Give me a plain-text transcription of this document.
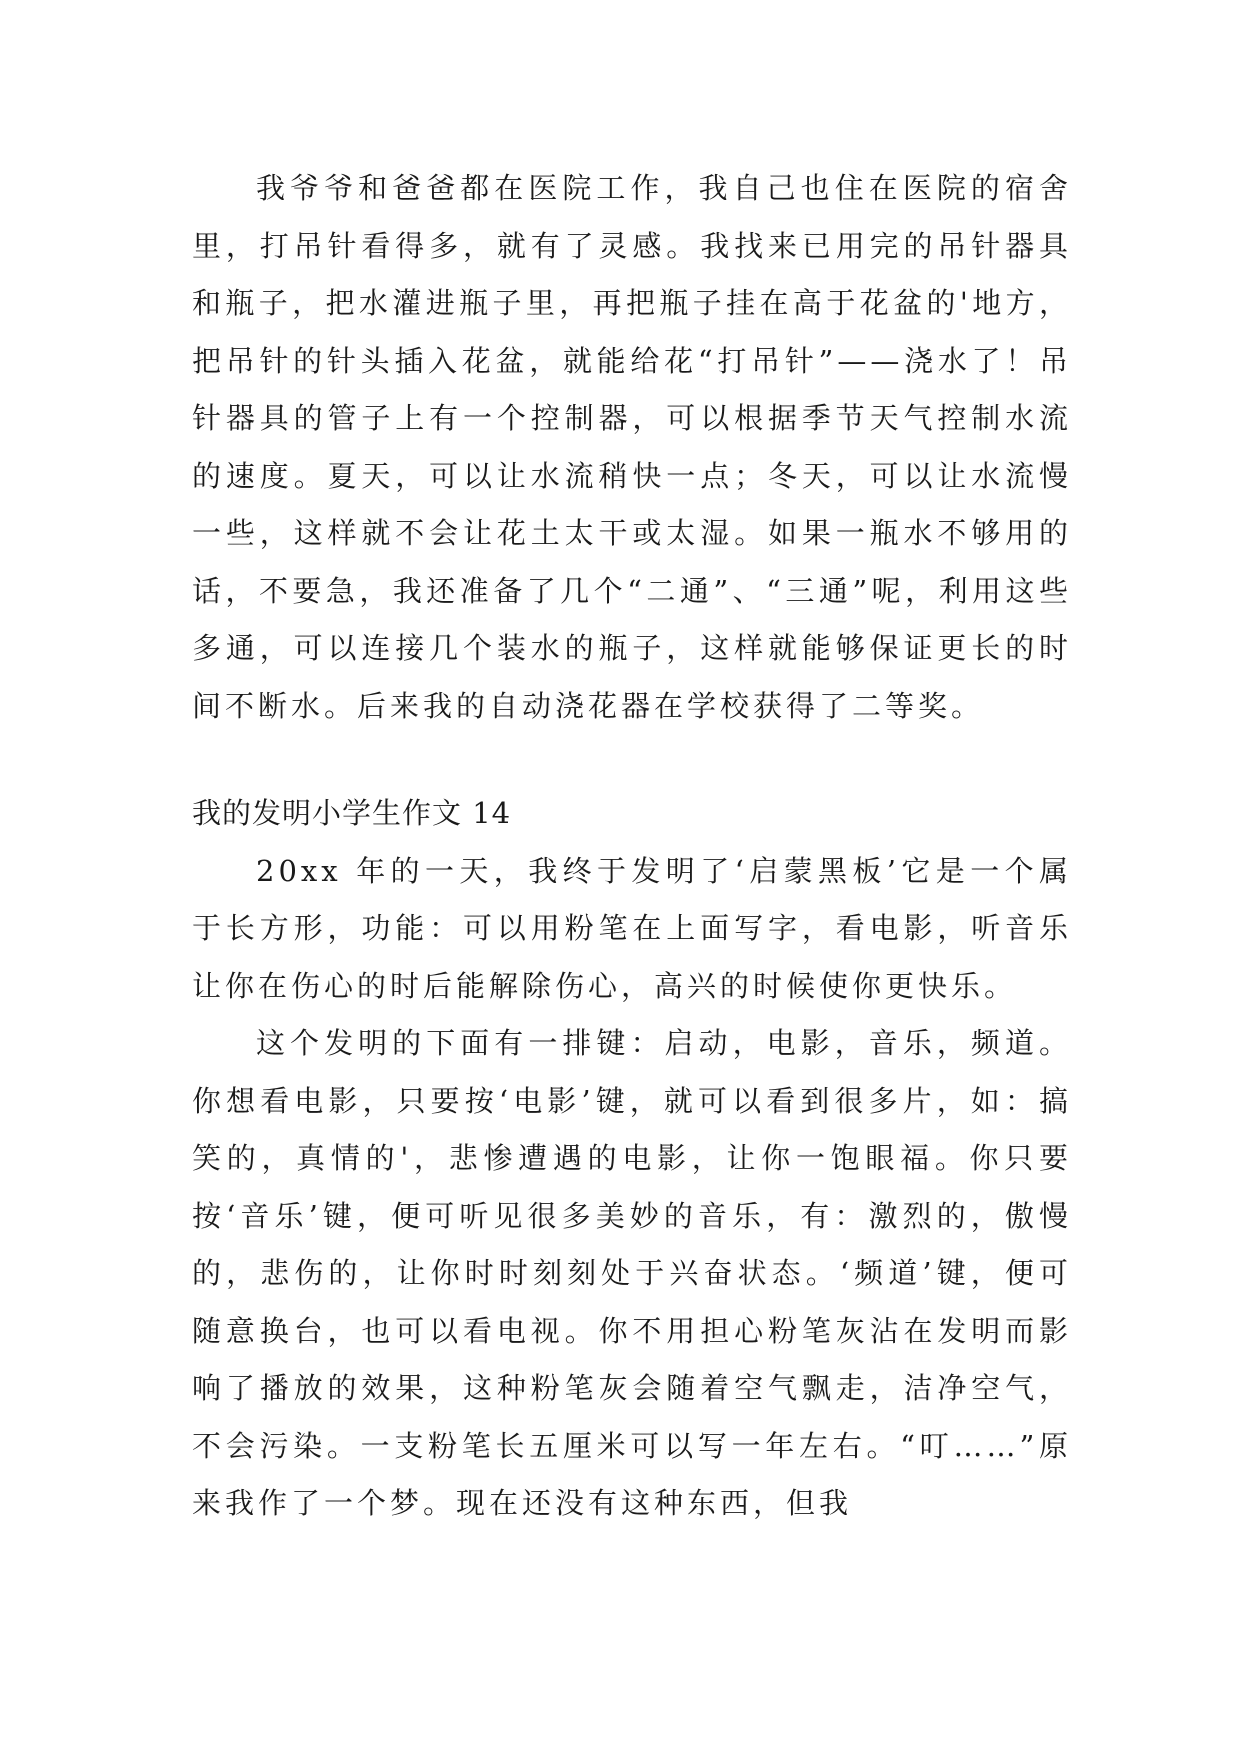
我爷爷和爸爸都在医院工作，我自己也住在医院的宿舍里，打吊针看得多，就有了灵感。我找来已用完的吊针器具和瓶子，把水灌进瓶子里，再把瓶子挂在高于花盆的'地方，把吊针的针头插入花盆，就能给花“打吊针”——浇水了！吊针器具的管子上有一个控制器，可以根据季节天气控制水流的速度。夏天，可以让水流稍快一点；冬天，可以让水流慢一些，这样就不会让花土太干或太湿。如果一瓶水不够用的话，不要急，我还准备了几个“二通”、“三通”呢，利用这些多通，可以连接几个装水的瓶子，这样就能够保证更长的时间不断水。后来我的自动浇花器在学校获得了二等奖。

我的发明小学生作文 14

20xx 年的一天，我终于发明了‘启蒙黑板’它是一个属于长方形，功能：可以用粉笔在上面写字，看电影，听音乐让你在伤心的时后能解除伤心，高兴的时候使你更快乐。

这个发明的下面有一排键：启动，电影，音乐，频道。你想看电影，只要按‘电影’键，就可以看到很多片，如：搞笑的，真情的'，悲惨遭遇的电影，让你一饱眼福。你只要按‘音乐’键，便可听见很多美妙的音乐，有：激烈的，傲慢的，悲伤的，让你时时刻刻处于兴奋状态。‘频道’键，便可随意换台，也可以看电视。你不用担心粉笔灰沾在发明而影响了播放的效果，这种粉笔灰会随着空气飘走，洁净空气，不会污染。一支粉笔长五厘米可以写一年左右。“叮……”原来我作了一个梦。现在还没有这种东西，但我
